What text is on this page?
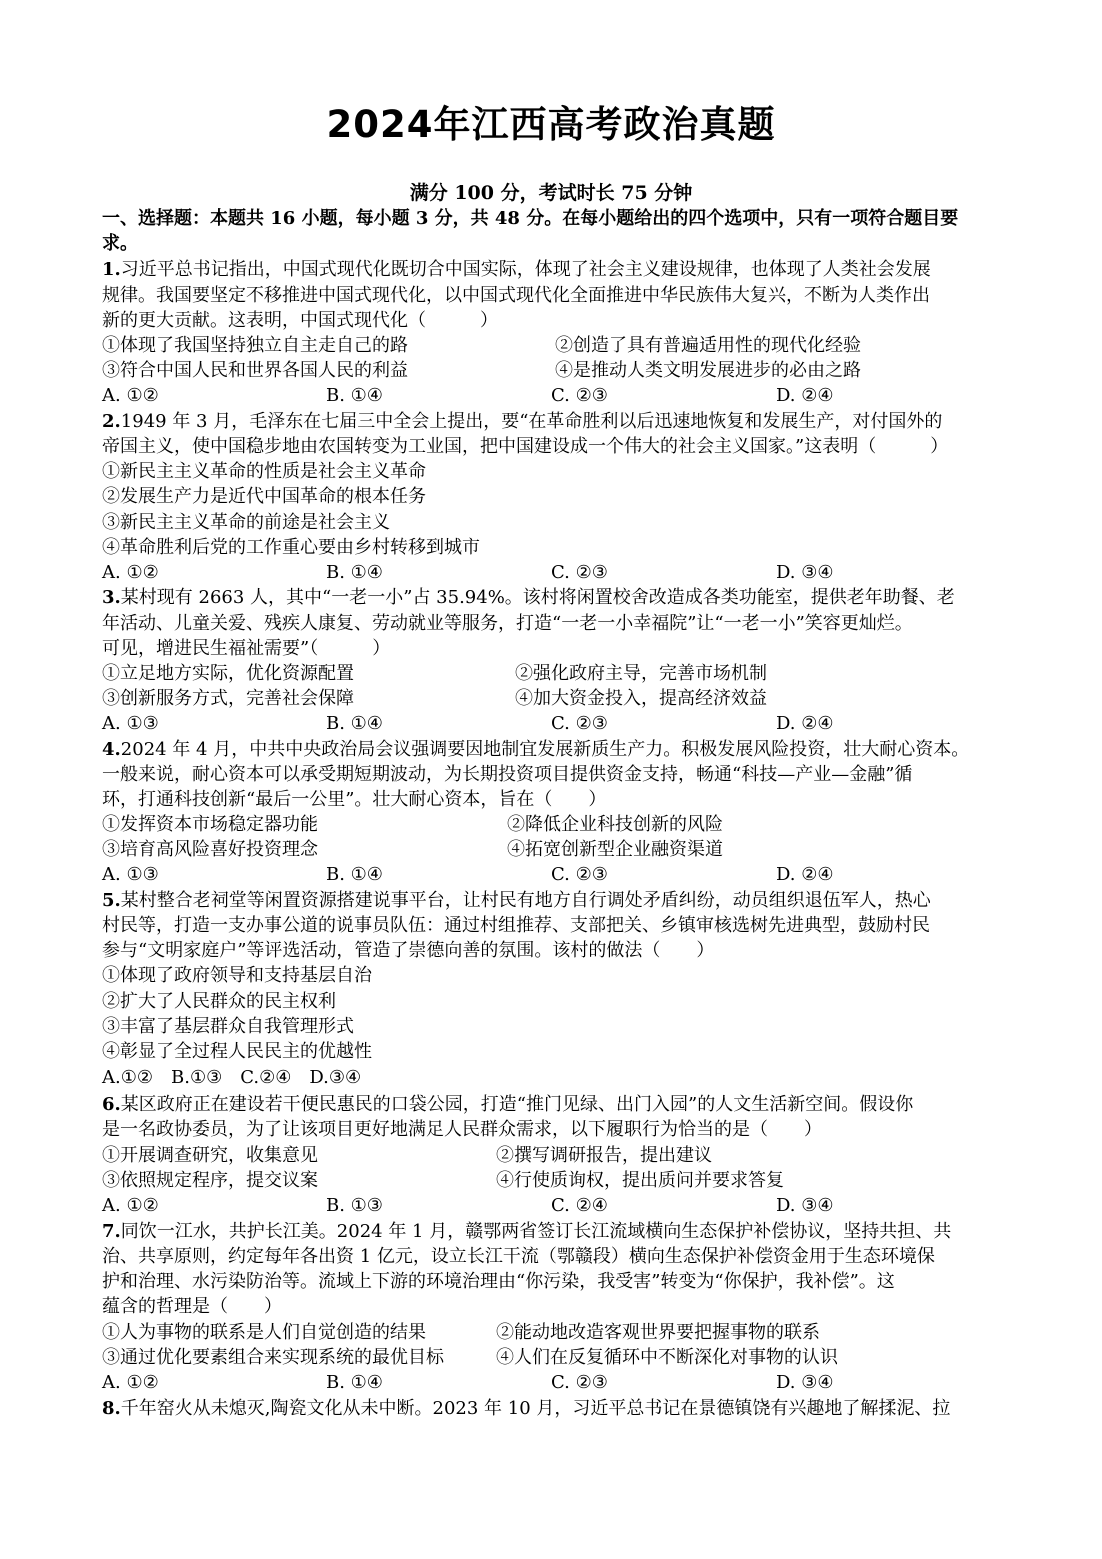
2024年江西高考政治真题
满分 100 分，考试时长 75 分钟
一、选择题：本题共 16 小题，每小题 3 分，共 48 分。在每小题给出的四个选项中，只有一项符合题目要
求。
1.习近平总书记指出，中国式现代化既切合中国实际，体现了社会主义建设规律，也体现了人类社会发展
规律。我国要坚定不移推进中国式现代化，以中国式现代化全面推进中华民族伟大复兴，不断为人类作出
新的更大贡献。这表明，中国式现代化（　　　）
①体现了我国坚持独立自主走自己的路	②创造了具有普遍适用性的现代化经验
③符合中国人民和世界各国人民的利益	④是推动人类文明发展进步的必由之路
A. ①②	B. ①④	C. ②③	D. ②④
2.1949 年 3 月，毛泽东在七届三中全会上提出，要“在革命胜利以后迅速地恢复和发展生产，对付国外的
帝国主义，使中国稳步地由农国转变为工业国，把中国建设成一个伟大的社会主义国家。”这表明（　　　）
①新民主主义革命的性质是社会主义革命
②发展生产力是近代中国革命的根本任务
③新民主主义革命的前途是社会主义
④革命胜利后党的工作重心要由乡村转移到城市
A. ①②	B. ①④	C. ②③	D. ③④
3.某村现有 2663 人，其中“一老一小”占 35.94%。该村将闲置校舍改造成各类功能室，提供老年助餐、老
年活动、儿童关爱、残疾人康复、劳动就业等服务，打造“一老一小幸福院”让“一老一小”笑容更灿烂。
可见，增进民生福祉需要”（　　　）
①立足地方实际，优化资源配置	②强化政府主导，完善市场机制
③创新服务方式，完善社会保障	④加大资金投入，提高经济效益
A. ①③	B. ①④	C. ②③	D. ②④
4.2024 年 4 月，中共中央政治局会议强调要因地制宜发展新质生产力。积极发展风险投资，壮大耐心资本。
一般来说，耐心资本可以承受期短期波动，为长期投资项目提供资金支持，畅通“科技—产业—金融”循
环，打通科技创新“最后一公里”。壮大耐心资本，旨在（　　）
①发挥资本市场稳定器功能	②降低企业科技创新的风险
③培育高风险喜好投资理念	④拓宽创新型企业融资渠道
A. ①③	B. ①④	C. ②③	D. ②④
5.某村整合老祠堂等闲置资源搭建说事平台，让村民有地方自行调处矛盾纠纷，动员组织退伍军人，热心
村民等，打造一支办事公道的说事员队伍：通过村组推荐、支部把关、乡镇审核选树先进典型，鼓励村民
参与“文明家庭户”等评选活动，管造了崇德向善的氛围。该村的做法（　　）
①体现了政府领导和支持基层自治
②扩大了人民群众的民主权利
③丰富了基层群众自我管理形式
④彰显了全过程人民民主的优越性
A.①②　B.①③　C.②④　D.③④
6.某区政府正在建设若干便民惠民的口袋公园，打造“推门见绿、出门入园”的人文生活新空间。假设你
是一名政协委员，为了让该项目更好地满足人民群众需求，以下履职行为恰当的是（　　）
①开展调查研究，收集意见	②撰写调研报告，提出建议
③依照规定程序，提交议案	④行使质询权，提出质问并要求答复
A. ①②	B. ①③	C. ②④	D. ③④
7.同饮一江水，共护长江美。2024 年 1 月，赣鄂两省签订长江流域横向生态保护补偿协议，坚持共担、共
治、共享原则，约定每年各出资 1 亿元，设立长江干流（鄂赣段）横向生态保护补偿资金用于生态环境保
护和治理、水污染防治等。流域上下游的环境治理由“你污染，我受害”转变为“你保护，我补偿”。这
蕴含的哲理是（　　）
①人为事物的联系是人们自觉创造的结果	②能动地改造客观世界要把握事物的联系
③通过优化要素组合来实现系统的最优目标	④人们在反复循环中不断深化对事物的认识
A. ①②	B. ①④	C. ②③	D. ③④
8.千年窑火从未熄灭,陶瓷文化从未中断。2023 年 10 月，习近平总书记在景德镇饶有兴趣地了解揉泥、拉
